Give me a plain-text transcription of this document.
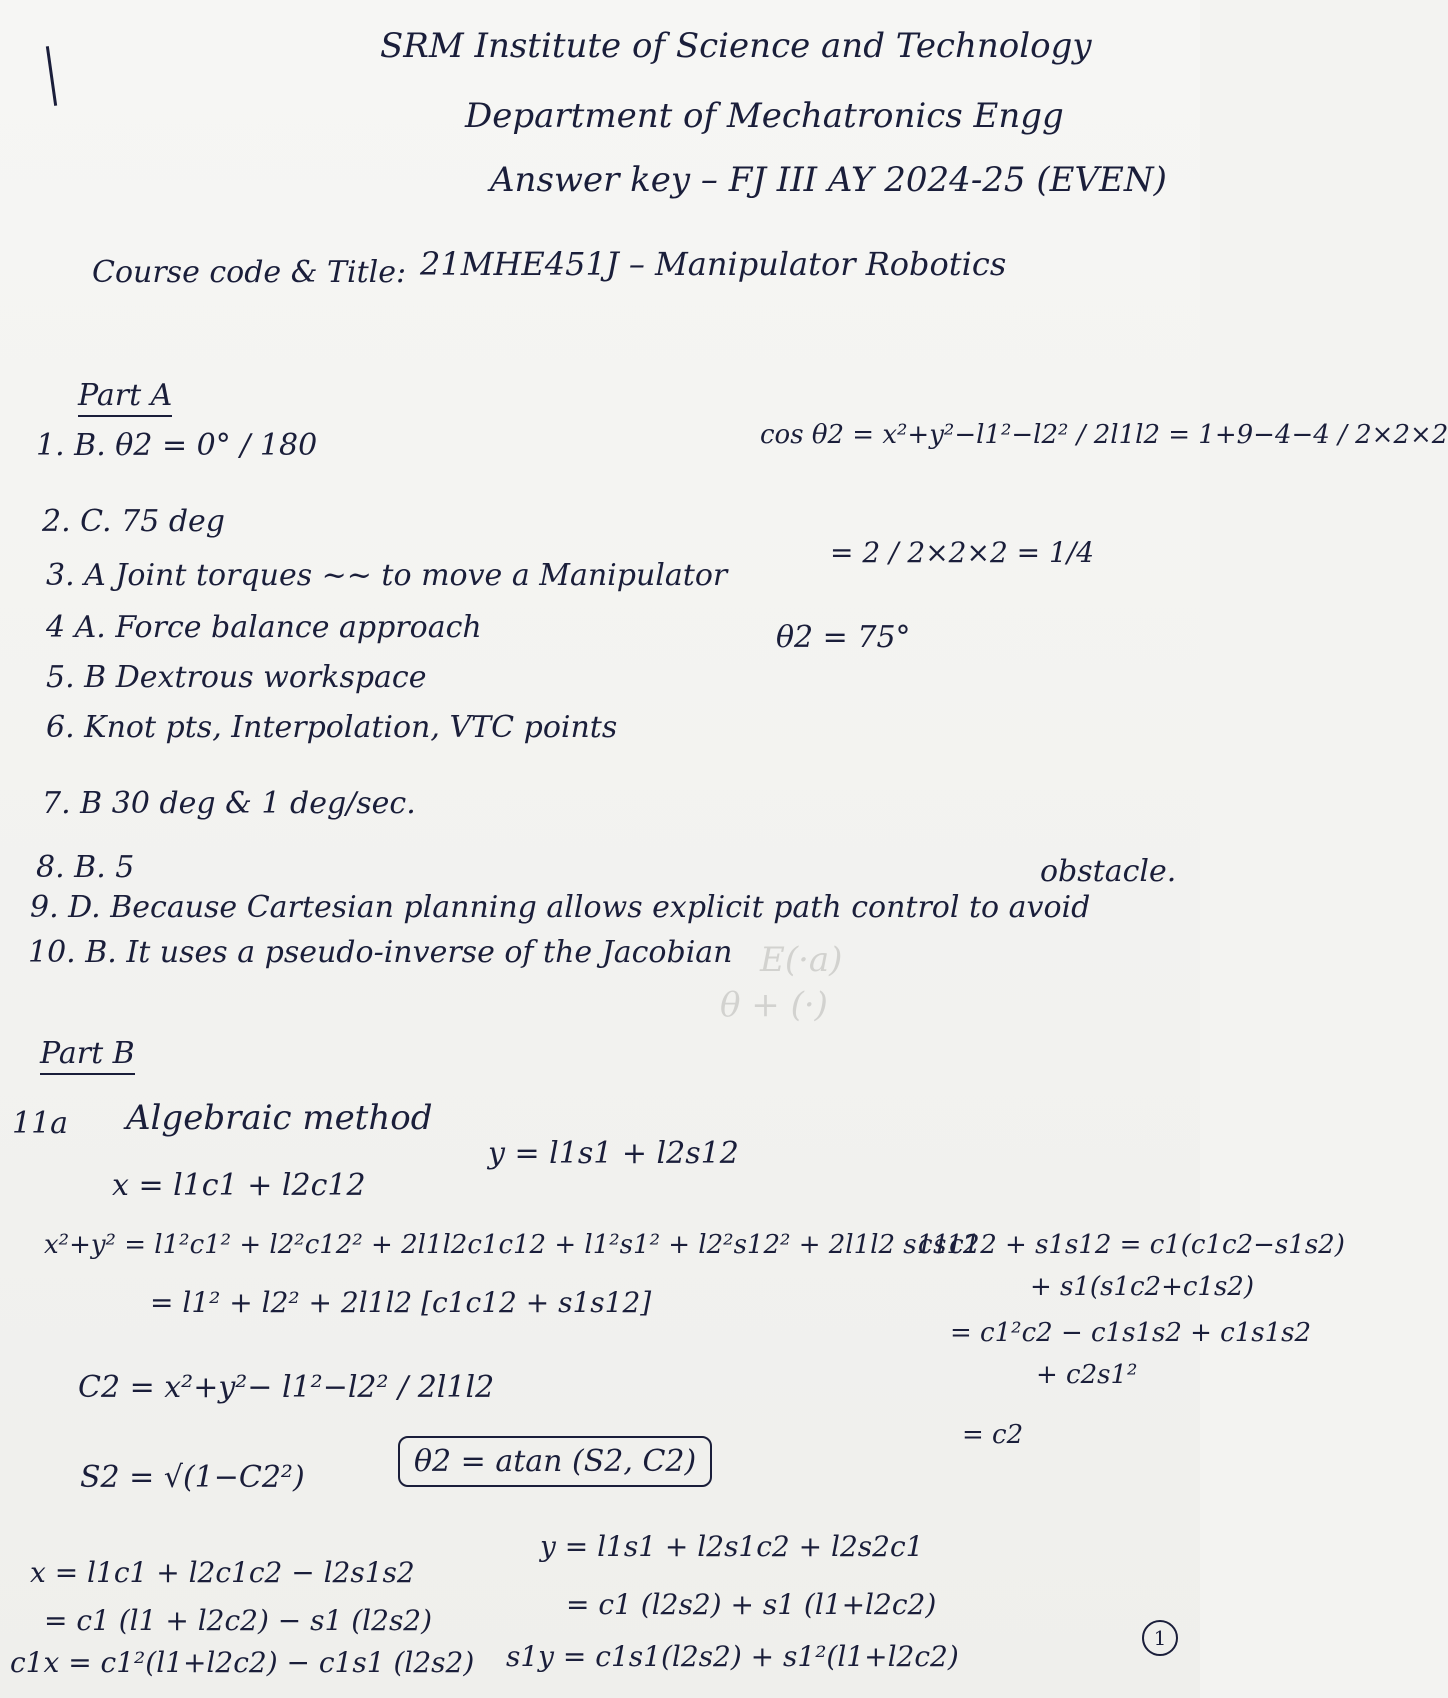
E(·a)
θ + (·)
SRM Institute of Science and Technology
Department of Mechatronics Engg
Answer key – FJ III AY 2024-25 (EVEN)
Course code & Title: 21MHE451J – Manipulator Robotics
Part A
1. B. θ2 = 0° / 180
2. C. 75 deg
3. A Joint torques ~~ to move a Manipulator
4 A. Force balance approach
5. B Dextrous workspace
6. Knot pts, Interpolation, VTC points
7. B 30 deg & 1 deg/sec.
8. B. 5
9. D. Because Cartesian planning allows explicit path control to avoid
obstacle.
10. B. It uses a pseudo-inverse of the Jacobian
cos θ2 = x²+y²−l1²−l2² / 2l1l2 = 1+9−4−4 / 2×2×2
= 2 / 2×2×2 = 1/4
θ2 = 75°
Part B
11a Algebraic method
x = l1c1 + l2c12
y = l1s1 + l2s12
x²+y² = l1²c1² + l2²c12² + 2l1l2c1c12 + l1²s1² + l2²s12² + 2l1l2 s1s12
= l1² + l2² + 2l1l2 [c1c12 + s1s12]
C2 = x²+y²− l1²−l2² / 2l1l2
S2 = √(1−C2²)	θ2 = atan (S2, C2)
c1c12 + s1s12 = c1(c1c2−s1s2)
+ s1(s1c2+c1s2)
= c1²c2 − c1s1s2 + c1s1s2
+ c2s1²
= c2
x = l1c1 + l2c1c2 − l2s1s2
= c1 (l1 + l2c2) − s1 (l2s2)
c1x = c1²(l1+l2c2) − c1s1 (l2s2)
y = l1s1 + l2s1c2 + l2s2c1
= c1 (l2s2) + s1 (l1+l2c2)
s1y = c1s1(l2s2) + s1²(l1+l2c2)
1
